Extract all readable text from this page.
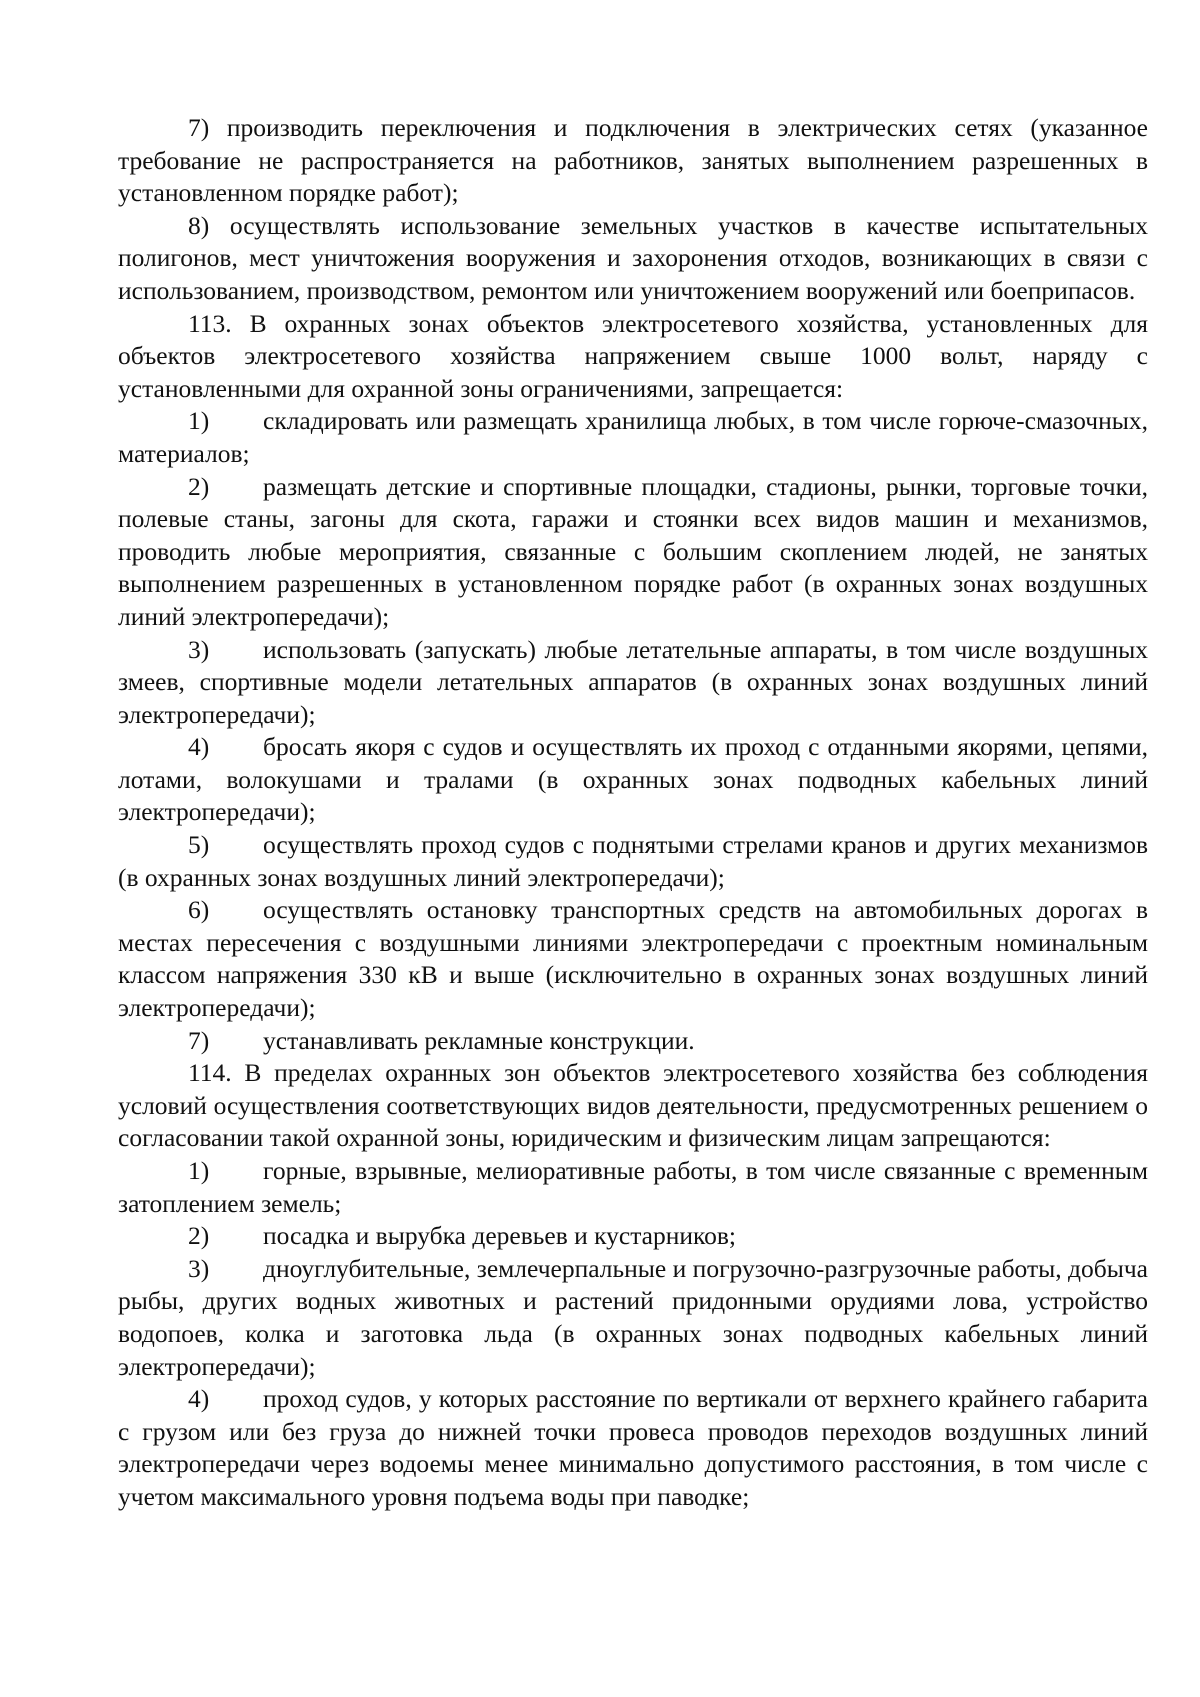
7) производить переключения и подключения в электрических сетях (указанное требование не распространяется на работников, занятых выполнением разрешенных в установленном порядке работ);

8) осуществлять использование земельных участков в качестве испытательных полигонов, мест уничтожения вооружения и захоронения отходов, возникающих в связи с использованием, производством, ремонтом или уничтожением вооружений или боеприпасов.

113. В охранных зонах объектов электросетевого хозяйства, установленных для объектов электросетевого хозяйства напряжением свыше 1000 вольт, наряду с установленными для охранной зоны ограничениями, запрещается:

1) складировать или размещать хранилища любых, в том числе горюче-смазочных, материалов;

2) размещать детские и спортивные площадки, стадионы, рынки, торговые точки, полевые станы, загоны для скота, гаражи и стоянки всех видов машин и механизмов, проводить любые мероприятия, связанные с большим скоплением людей, не занятых выполнением разрешенных в установленном порядке работ (в охранных зонах воздушных линий электропередачи);

3) использовать (запускать) любые летательные аппараты, в том числе воздушных змеев, спортивные модели летательных аппаратов (в охранных зонах воздушных линий электропередачи);

4) бросать якоря с судов и осуществлять их проход с отданными якорями, цепями, лотами, волокушами и тралами (в охранных зонах подводных кабельных линий электропередачи);

5) осуществлять проход судов с поднятыми стрелами кранов и других механизмов (в охранных зонах воздушных линий электропередачи);

6) осуществлять остановку транспортных средств на автомобильных дорогах в местах пересечения с воздушными линиями электропередачи с проектным номинальным классом напряжения 330 кВ и выше (исключительно в охранных зонах воздушных линий электропередачи);

7) устанавливать рекламные конструкции.

114. В пределах охранных зон объектов электросетевого хозяйства без соблюдения условий осуществления соответствующих видов деятельности, предусмотренных решением о согласовании такой охранной зоны, юридическим и физическим лицам запрещаются:

1) горные, взрывные, мелиоративные работы, в том числе связанные с временным затоплением земель;

2) посадка и вырубка деревьев и кустарников;

3) дноуглубительные, землечерпальные и погрузочно-разгрузочные работы, добыча рыбы, других водных животных и растений придонными орудиями лова, устройство водопоев, колка и заготовка льда (в охранных зонах подводных кабельных линий электропередачи);

4) проход судов, у которых расстояние по вертикали от верхнего крайнего габарита с грузом или без груза до нижней точки провеса проводов переходов воздушных линий электропередачи через водоемы менее минимально допустимого расстояния, в том числе с учетом максимального уровня подъема воды при паводке;
